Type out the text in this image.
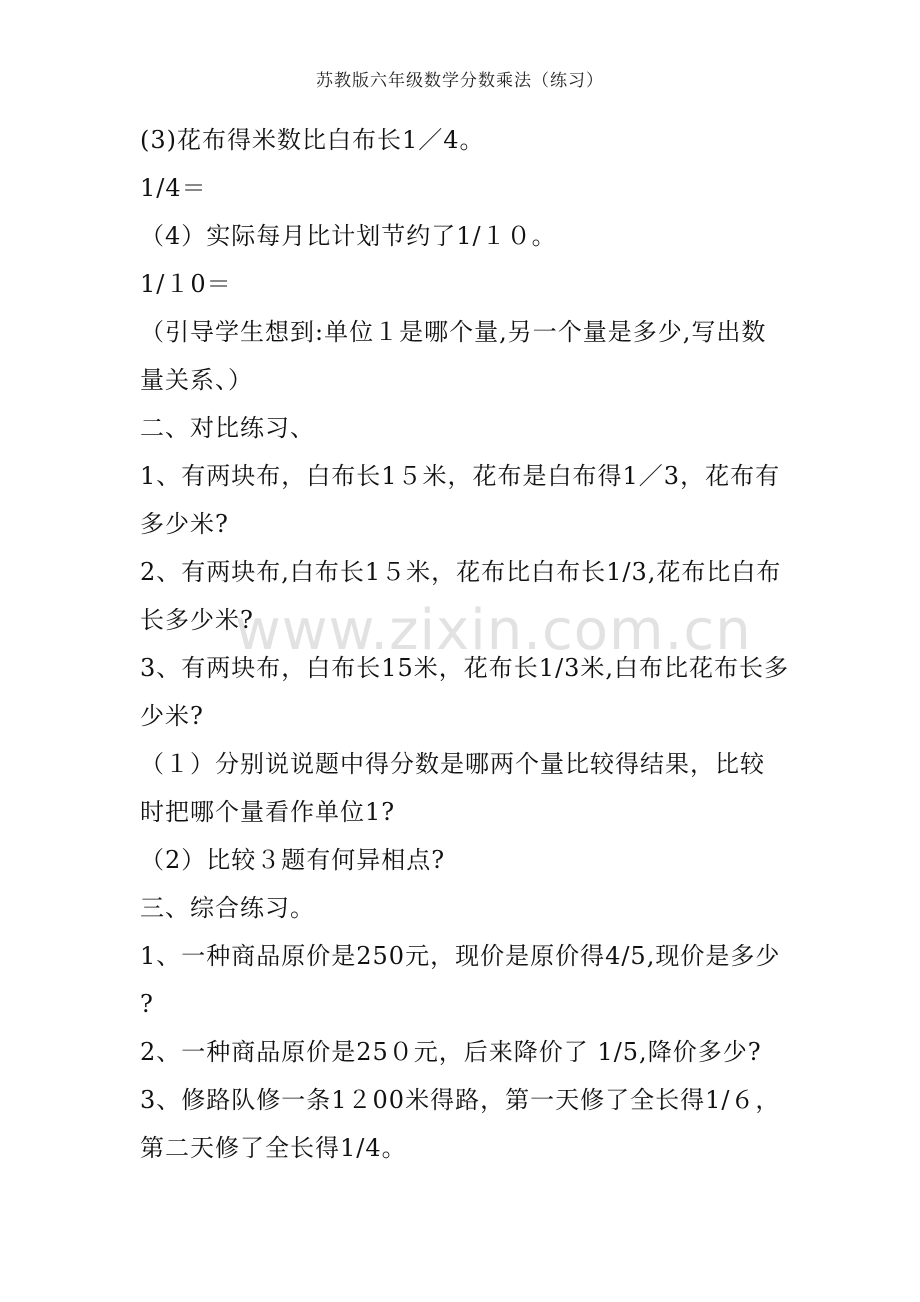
苏教版六年级数学分数乘法（练习）
(3)花布得米数比白布长1／4。
1/4＝
（4）实际每月比计划节约了1/１０。
1/１0＝
（引导学生想到:单位１是哪个量,另一个量是多少,写出数
量关系、）
二、对比练习、
1、有两块布，白布长1５米，花布是白布得1／3，花布有
多少米?
2、有两块布,白布长1５米，花布比白布长1/3,花布比白布
长多少米?
3、有两块布，白布长15米，花布长1/3米,白布比花布长多
少米?
（１）分别说说题中得分数是哪两个量比较得结果，比较
时把哪个量看作单位1?
（2）比较３题有何异相点?
三、综合练习。
1、一种商品原价是250元，现价是原价得4/5,现价是多少
?
2、一种商品原价是25０元，后来降价了 1/5,降价多少?
3、修路队修一条1２00米得路，第一天修了全长得1/６，
第二天修了全长得1/4。
www.zixin.com.cn
